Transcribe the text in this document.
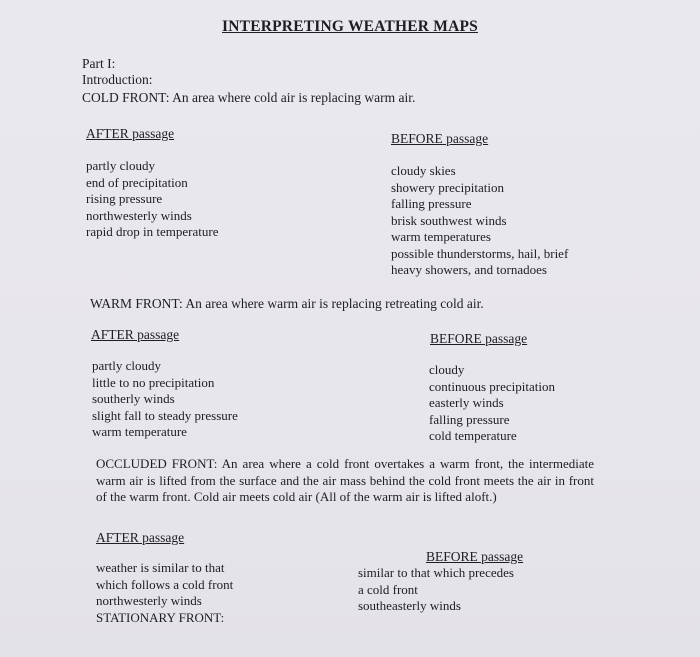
INTERPRETING WEATHER MAPS
Part I:
Introduction:
COLD FRONT: An area where cold air is replacing warm air.
AFTER passage	BEFORE passage
partly cloudy
end of precipitation
rising pressure
northwesterly winds
rapid drop in temperature
cloudy skies
showery precipitation
falling pressure
brisk southwest winds
warm temperatures
possible thunderstorms, hail, brief
heavy showers, and tornadoes
WARM FRONT: An area where warm air is replacing retreating cold air.
AFTER passage	BEFORE passage
partly cloudy
little to no precipitation
southerly winds
slight fall to steady pressure
warm temperature
cloudy
continuous precipitation
easterly winds
falling pressure
cold temperature
OCCLUDED FRONT: An area where a cold front overtakes a warm front, the intermediate warm air is lifted from the surface and the air mass behind the cold front meets the air in front of the warm front. Cold air meets cold air (All of the warm air is lifted aloft.)
AFTER passage
weather is similar to that
which follows a cold front
northwesterly winds
STATIONARY FRONT:
BEFORE passage
similar to that which precedes
a cold front
southeasterly winds
